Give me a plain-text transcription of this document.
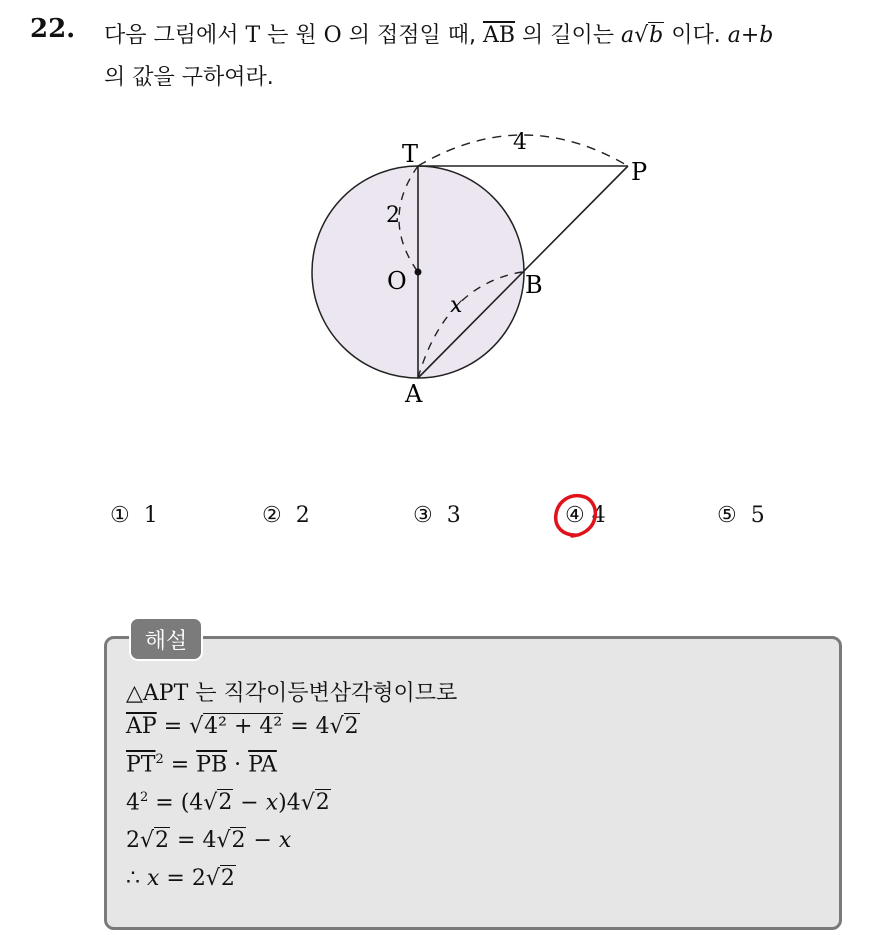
22. 다음 그림에서 T 는 원 O 의 접점일 때, $\overline{AB}$ 의 길이는 a√b 이다. a+b
의 값을 구하여라.
T
P
O	B
A
4
2
x
① 1	② 2	③ 3	④ 4	⑤ 5
해설
△APT 는 직각이등변삼각형이므로
$\overline{AP} = √4^2 + 4^2 = 4√2$
$\overline{PT}^2 = \overline{PB} \cdot \overline{PA}$
$4^2 = (4√2 - x)4√2$
2√2 = 4√2 − x
∴ x = 2√2
